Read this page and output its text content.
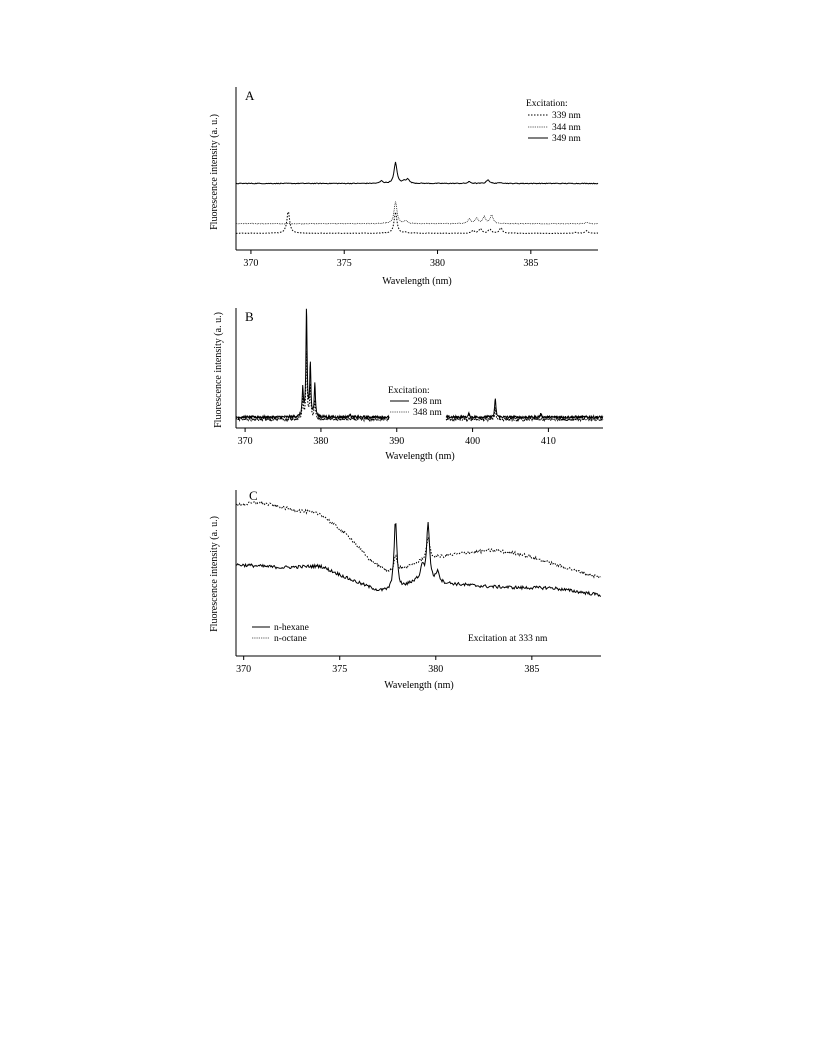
A
Fluorescence intensity (a. u.)
Wavelength (nm)
370	375	380	385
Excitation:
339 nm
344 nm
349 nm
B
Fluorescence intensity (a. u.)
Wavelength (nm)
370	380	390	400	410
Excitation:
298 nm
348 nm
C
Fluorescence intensity (a. u.)
Wavelength (nm)
370	375	380	385
n-hexane
n-octane	Excitation at 333 nm
